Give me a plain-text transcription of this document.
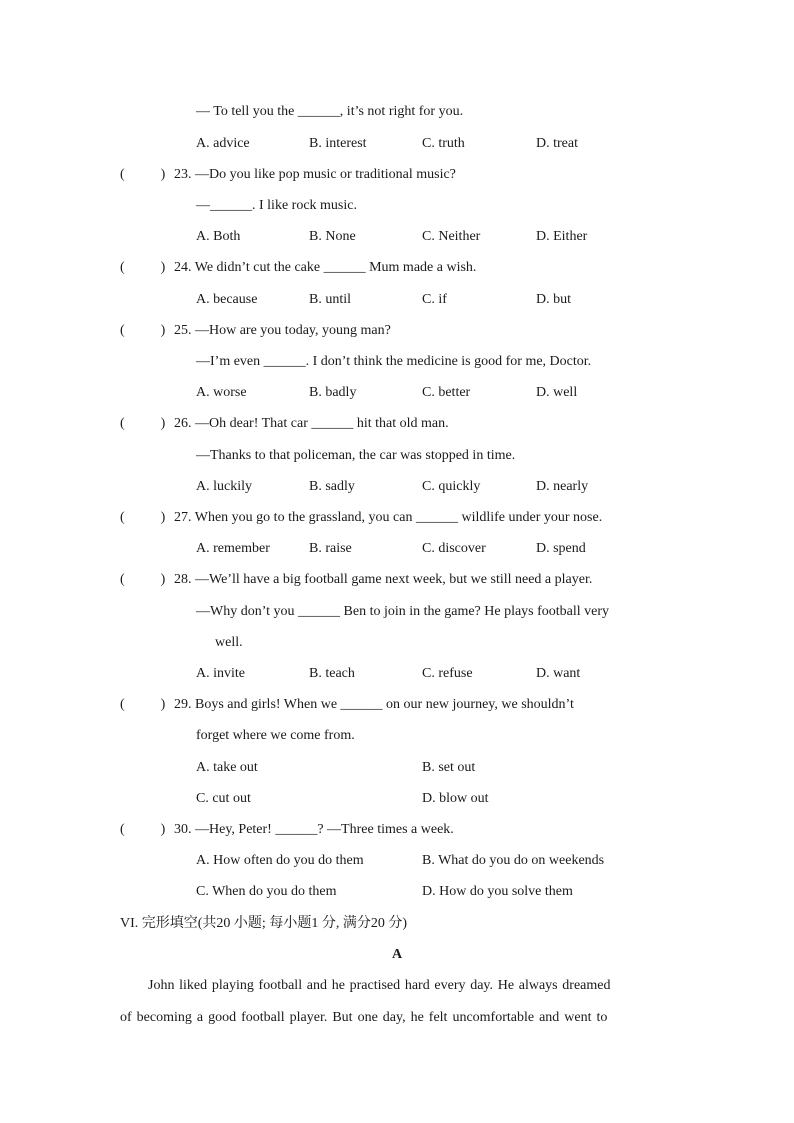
— To tell you the ______, it’s not right for you.
A. advice	B. interest	C. truth	D. treat
(	) 23. —Do you like pop music or traditional music?
—______. I like rock music.
A. Both	B. None	C. Neither	D. Either
(	) 24. We didn’t cut the cake ______ Mum made a wish.
A. because	B. until	C. if	D. but
(	) 25. —How are you today, young man?
—I’m even ______. I don’t think the medicine is good for me, Doctor.
A. worse	B. badly	C. better	D. well
(	) 26. —Oh dear! That car ______ hit that old man.
—Thanks to that policeman, the car was stopped in time.
A. luckily	B. sadly	C. quickly	D. nearly
(	) 27. When you go to the grassland, you can ______ wildlife under your nose.
A. remember	B. raise	C. discover	D. spend
(	) 28. —We’ll have a big football game next week, but we still need a player.
—Why don’t you ______ Ben to join in the game? He plays football very
well.
A. invite	B. teach	C. refuse	D. want
(	) 29. Boys and girls! When we ______ on our new journey, we shouldn’t
forget where we come from.
A. take out	B. set out
C. cut out	D. blow out
(	) 30. —Hey, Peter! ______? —Three times a week.
A. How often do you do them	B. What do you do on weekends
C. When do you do them	D. How do you solve them
VI. 完形填空(共20 小题; 每小题1 分, 满分20 分)
A
John liked playing football and he practised hard every day. He always dreamed
of becoming a good football player. But one day, he felt uncomfortable and went to
